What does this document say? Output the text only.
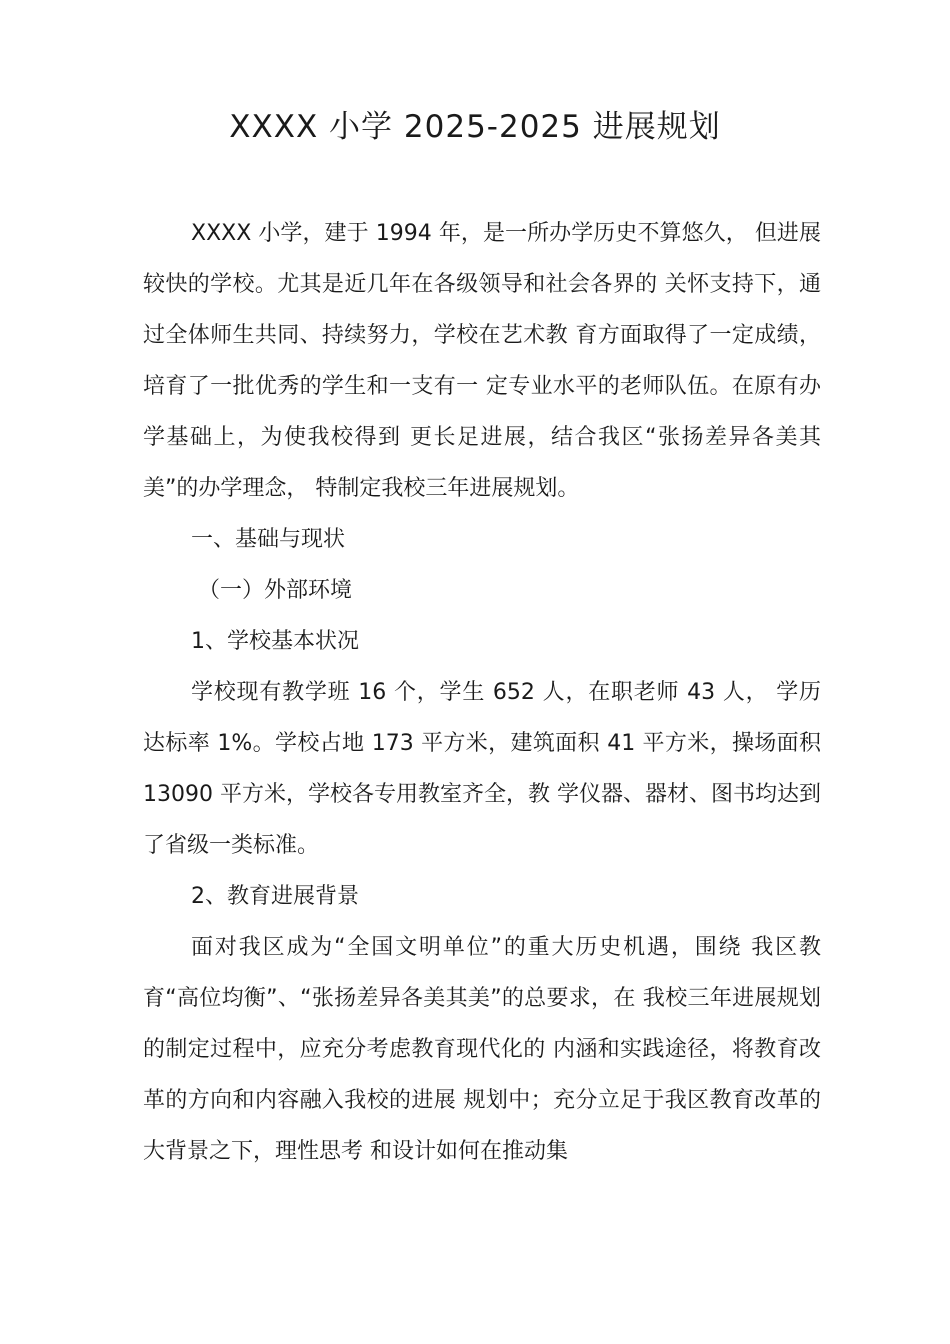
XXXX 小学 2025-2025 进展规划

XXXX 小学，建于 1994 年，是一所办学历史不算悠久， 但进展较快的学校。尤其是近几年在各级领导和社会各界的 关怀支持下，通过全体师生共同、持续努力，学校在艺术教 育方面取得了一定成绩，培育了一批优秀的学生和一支有一 定专业水平的老师队伍。在原有办学基础上，为使我校得到 更长足进展，结合我区“张扬差异各美其美”的办学理念， 特制定我校三年进展规划。

一、基础与现状

（一）外部环境

1、学校基本状况

学校现有教学班 16 个，学生 652 人，在职老师 43 人， 学历达标率 1%。学校占地 173 平方米，建筑面积 41 平方米，操场面积 13090 平方米，学校各专用教室齐全，教 学仪器、器材、图书均达到了省级一类标准。

2、教育进展背景

面对我区成为“全国文明单位”的重大历史机遇，围绕 我区教育“高位均衡”、“张扬差异各美其美”的总要求，在 我校三年进展规划的制定过程中，应充分考虑教育现代化的 内涵和实践途径，将教育改革的方向和内容融入我校的进展 规划中；充分立足于我区教育改革的大背景之下，理性思考 和设计如何在推动集
